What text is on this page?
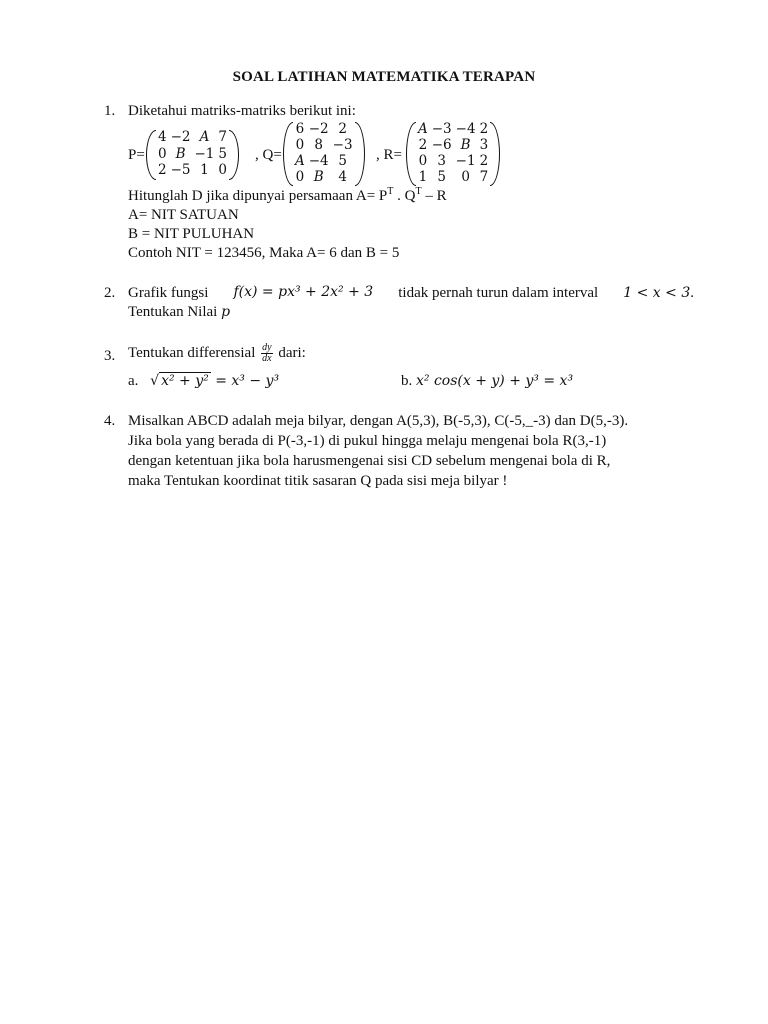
SOAL LATIHAN MATEMATIKA TERAPAN
1. Diketahui matriks-matriks berikut ini:
P=
4 −2 A 7
0 B −1 5
2 −5 1 0
, Q=
6 −2 2
0 8 −3
A −4 5
0 B	4
, R=
A −3 −4 2
2 −6 B 3
0 3 −1 2
1 5	0 7
Hitunglah D jika dipunyai persamaan $A= P^T$ . $Q^T$ – R
A= NIT SATUAN
B = NIT PULUHAN
Contoh NIT = 123456, Maka A= 6 dan B = 5
2. Grafik fungsi f(x) = px³ + 2x² + 3 tidak pernah turun dalam interval 1 < x < 3.
Tentukan Nilai p
3. Tentukan differensial $\frac{dy}{dx}$ dari:
a. √ x² + y² = x³ − y³	b. x² cos(x + y) + y³ = x³
4. Misalkan ABCD adalah meja bilyar, dengan A(5,3), B(-5,3), C(-5,_-3) dan D(5,-3).
Jika bola yang berada di P(-3,-1) di pukul hingga melaju mengenai bola R(3,-1)
dengan ketentuan jika bola harusmengenai sisi CD sebelum mengenai bola di R,
maka Tentukan koordinat titik sasaran Q pada sisi meja bilyar !
